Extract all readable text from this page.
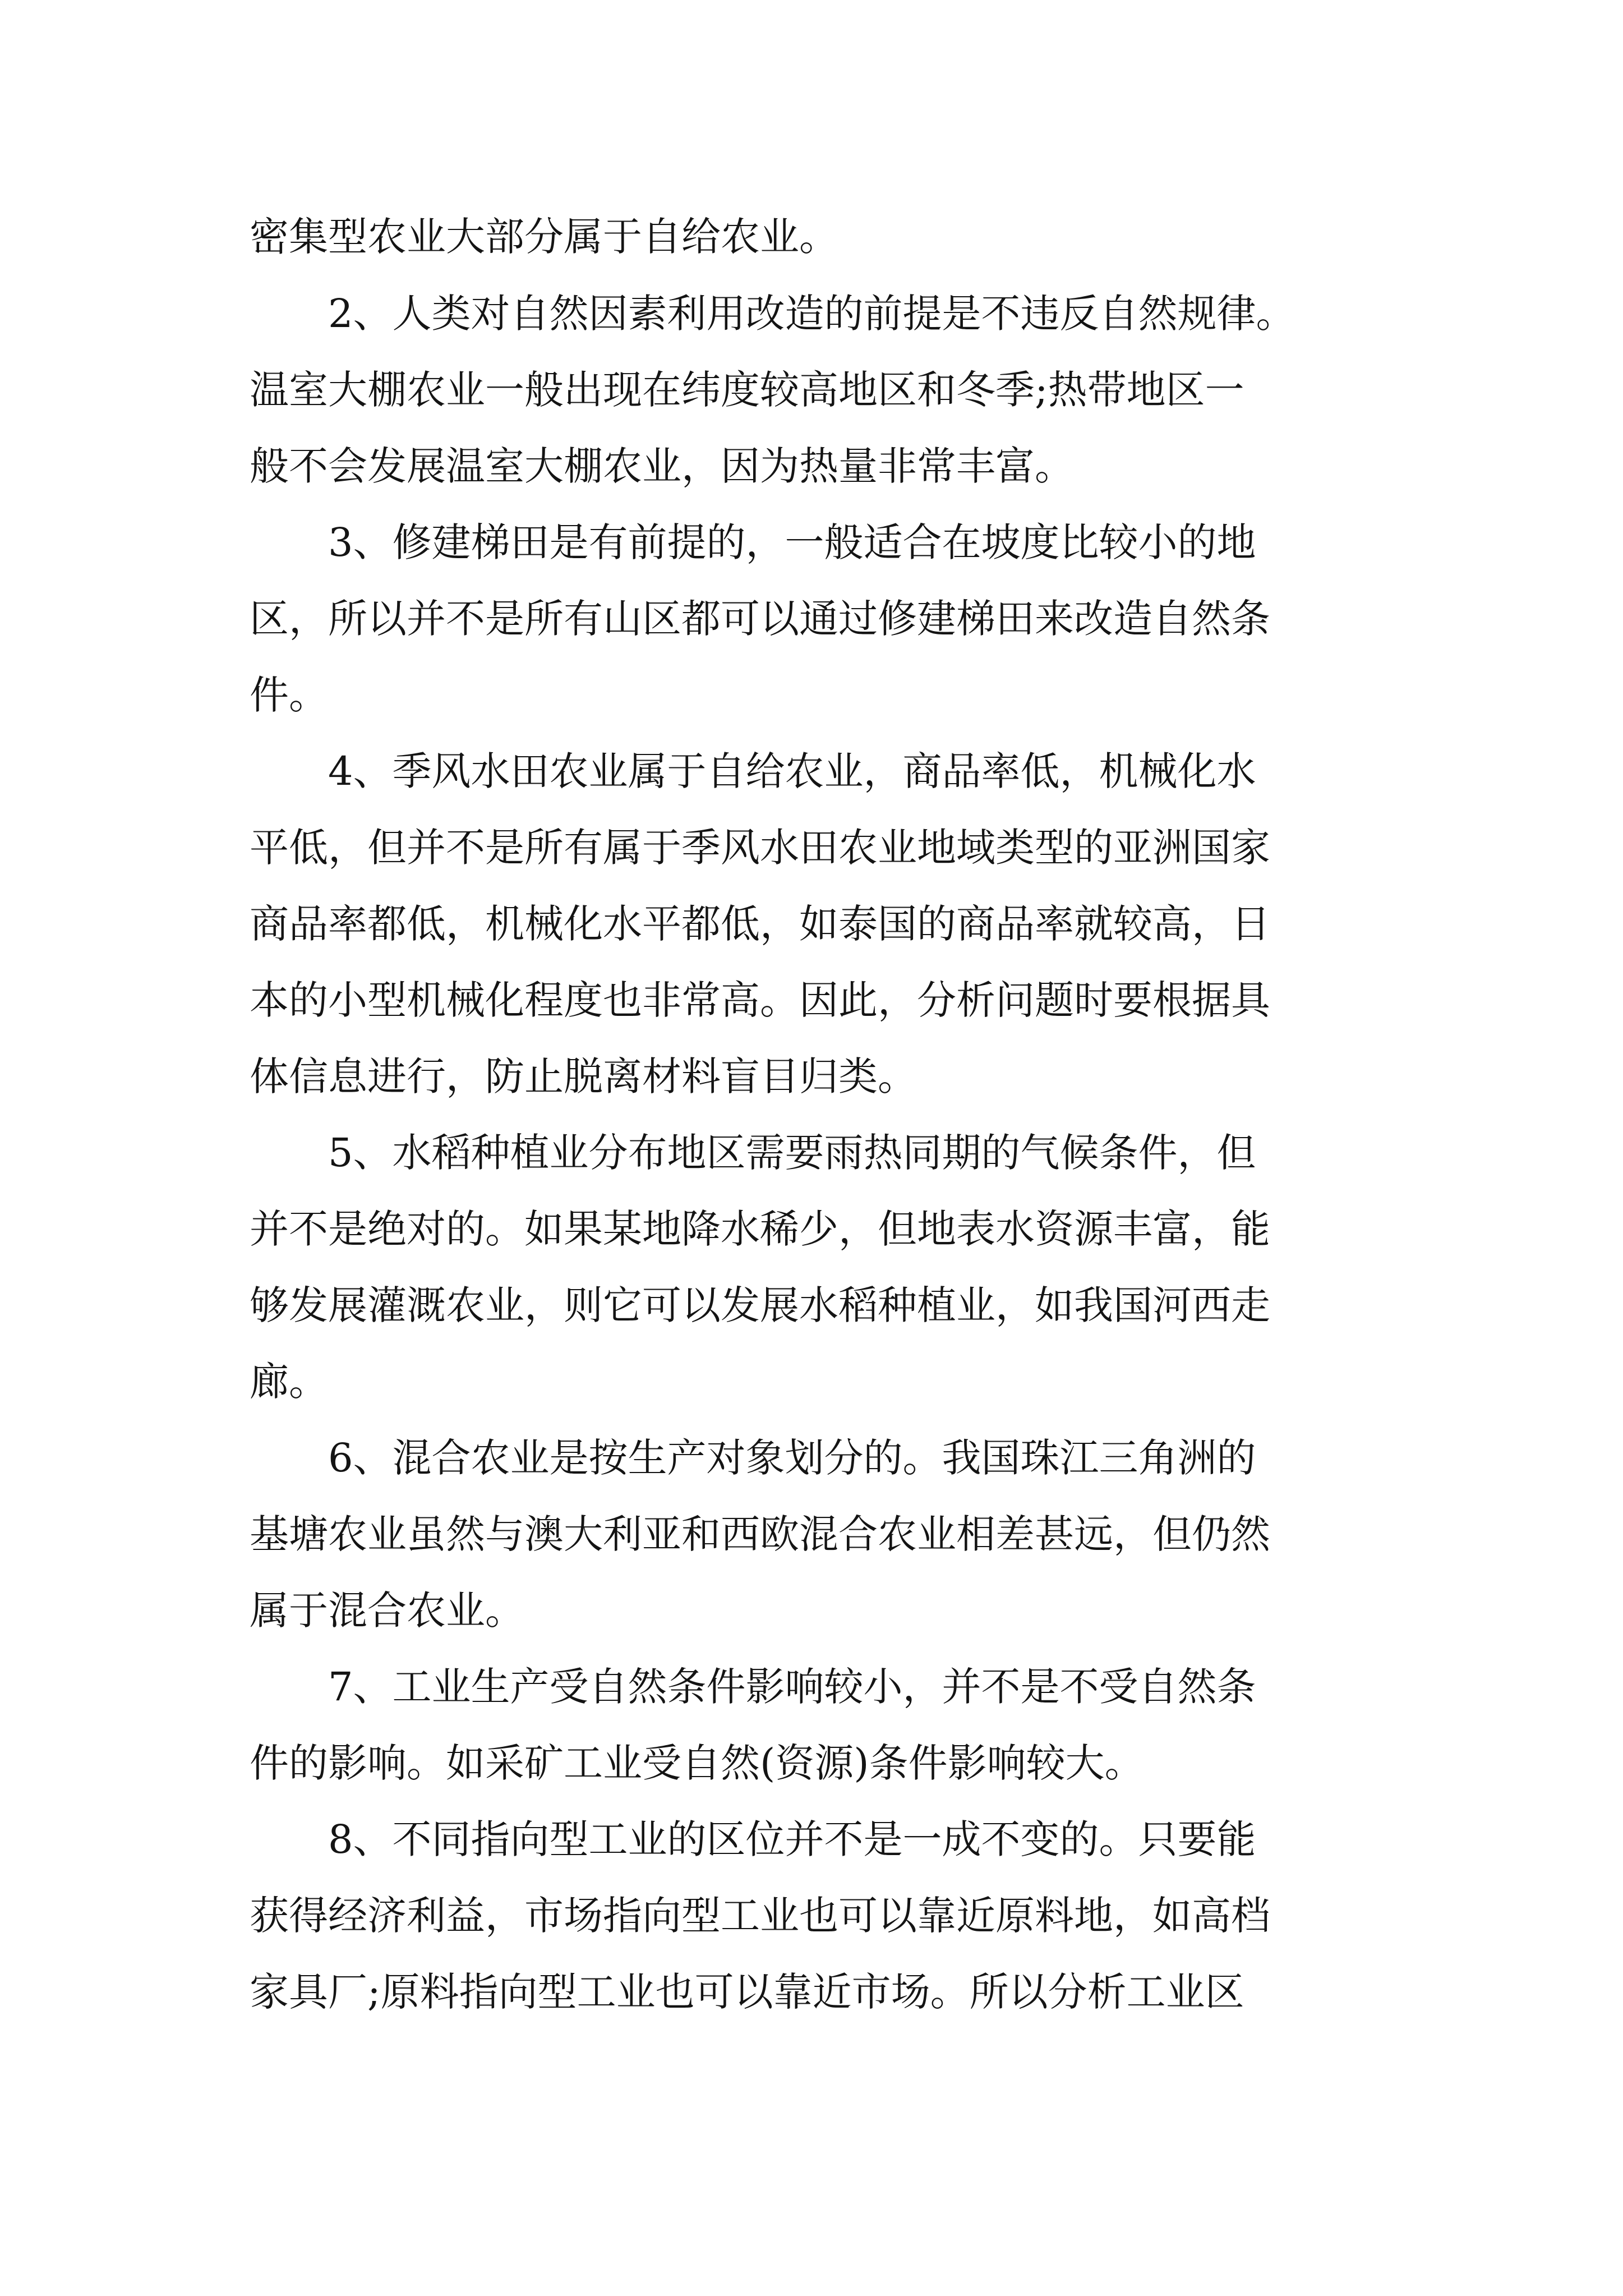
密集型农业大部分属于自给农业。
2、人类对自然因素利用改造的前提是不违反自然规律。
温室大棚农业一般出现在纬度较高地区和冬季;热带地区一
般不会发展温室大棚农业，因为热量非常丰富。
3、修建梯田是有前提的，一般适合在坡度比较小的地
区，所以并不是所有山区都可以通过修建梯田来改造自然条
件。
4、季风水田农业属于自给农业，商品率低，机械化水
平低，但并不是所有属于季风水田农业地域类型的亚洲国家
商品率都低，机械化水平都低，如泰国的商品率就较高，日
本的小型机械化程度也非常高。因此，分析问题时要根据具
体信息进行，防止脱离材料盲目归类。
5、水稻种植业分布地区需要雨热同期的气候条件，但
并不是绝对的。如果某地降水稀少，但地表水资源丰富，能
够发展灌溉农业，则它可以发展水稻种植业，如我国河西走
廊。
6、混合农业是按生产对象划分的。我国珠江三角洲的
基塘农业虽然与澳大利亚和西欧混合农业相差甚远，但仍然
属于混合农业。
7、工业生产受自然条件影响较小，并不是不受自然条
件的影响。如采矿工业受自然(资源)条件影响较大。
8、不同指向型工业的区位并不是一成不变的。只要能
获得经济利益，市场指向型工业也可以靠近原料地，如高档
家具厂;原料指向型工业也可以靠近市场。所以分析工业区
